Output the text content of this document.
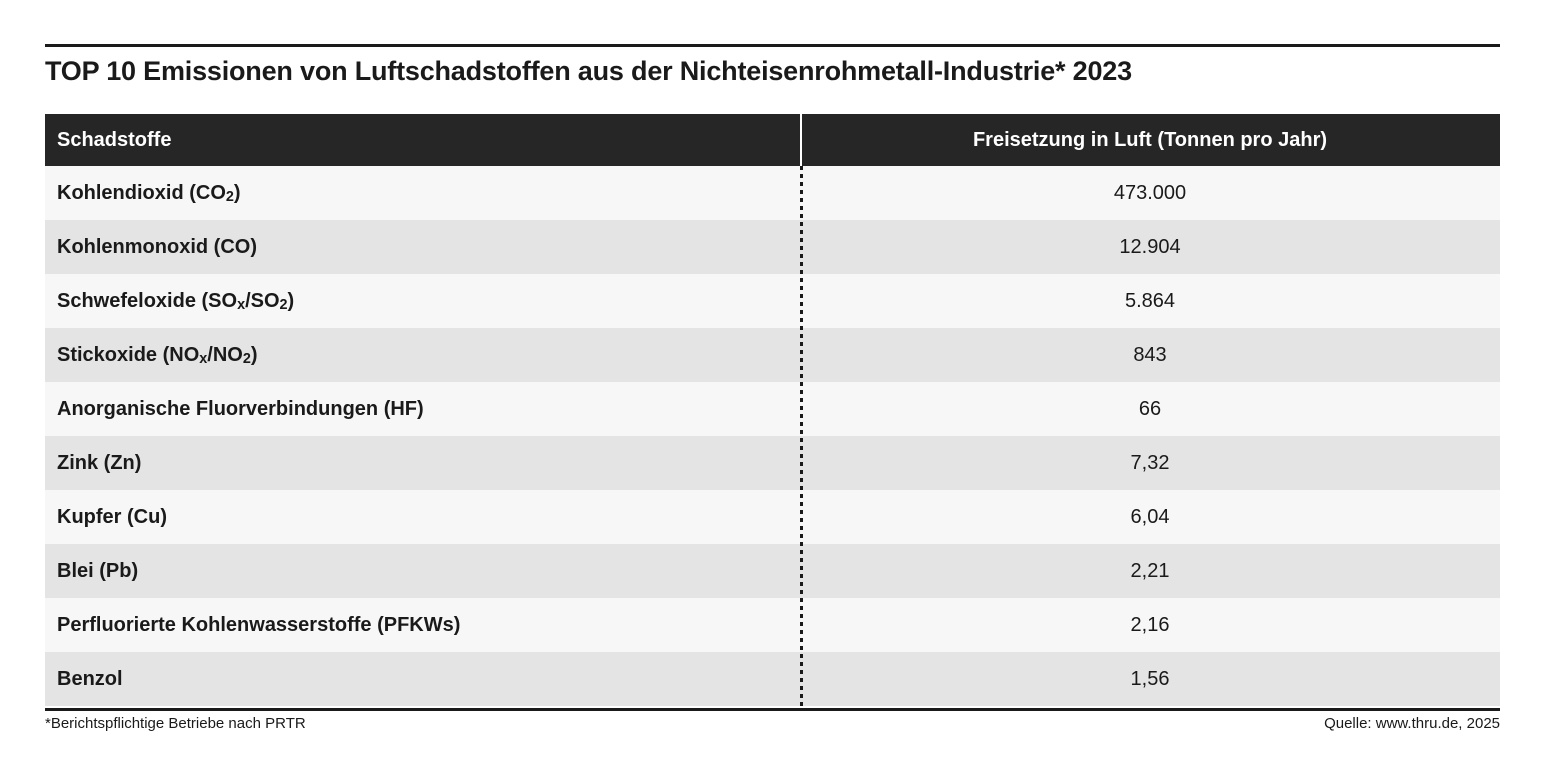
TOP 10 Emissionen von Luftschadstoffen aus der Nichteisenrohmetall-Industrie* 2023
Schadstoffe	Freisetzung in Luft (Tonnen pro Jahr)
Kohlendioxid ($CO_2$ )	473.000
Kohlenmonoxid (CO)	12.904
Schwefeloxide ($SO_x$ $/SO_2$ )	5.864
Stickoxide ($NO_x$ $/NO_2$ )	843
Anorganische Fluorverbindungen (HF)	66
Zink (Zn)	7,32
Kupfer (Cu)	6,04
Blei (Pb)	2,21
Perfluorierte Kohlenwasserstoffe (PFKWs)	2,16
Benzol	1,56
*Berichtspflichtige Betriebe nach PRTR	Quelle: www.thru.de, 2025
